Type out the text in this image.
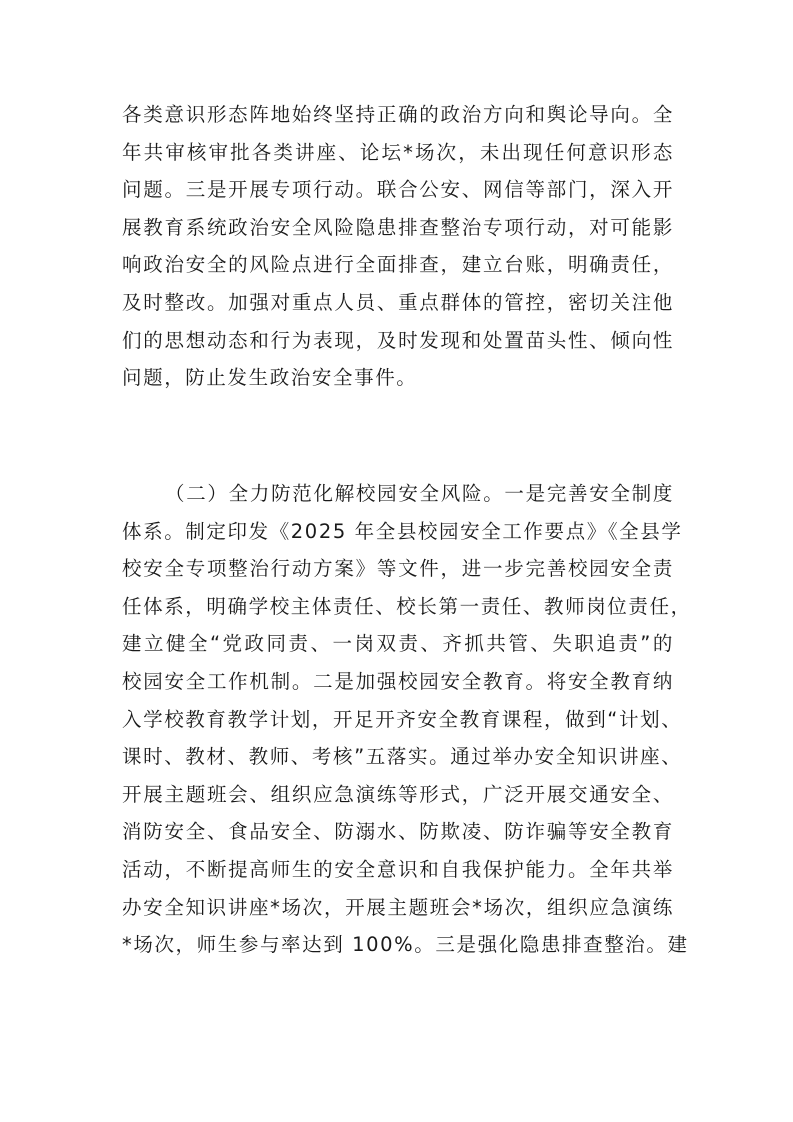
各类意识形态阵地始终坚持正确的政治方向和舆论导向。全
年共审核审批各类讲座、论坛*场次，未出现任何意识形态
问题。三是开展专项行动。联合公安、网信等部门，深入开
展教育系统政治安全风险隐患排查整治专项行动，对可能影
响政治安全的风险点进行全面排查，建立台账，明确责任，
及时整改。加强对重点人员、重点群体的管控，密切关注他
们的思想动态和行为表现，及时发现和处置苗头性、倾向性
问题，防止发生政治安全事件。
（二）全力防范化解校园安全风险。一是完善安全制度
体系。制定印发《2025 年全县校园安全工作要点》《全县学
校安全专项整治行动方案》等文件，进一步完善校园安全责
任体系，明确学校主体责任、校长第一责任、教师岗位责任，
建立健全“党政同责、一岗双责、齐抓共管、失职追责”的
校园安全工作机制。二是加强校园安全教育。将安全教育纳
入学校教育教学计划，开足开齐安全教育课程，做到“计划、
课时、教材、教师、考核”五落实。通过举办安全知识讲座、
开展主题班会、组织应急演练等形式，广泛开展交通安全、
消防安全、食品安全、防溺水、防欺凌、防诈骗等安全教育
活动，不断提高师生的安全意识和自我保护能力。全年共举
办安全知识讲座*场次，开展主题班会*场次，组织应急演练
*场次，师生参与率达到 100%。三是强化隐患排查整治。建
